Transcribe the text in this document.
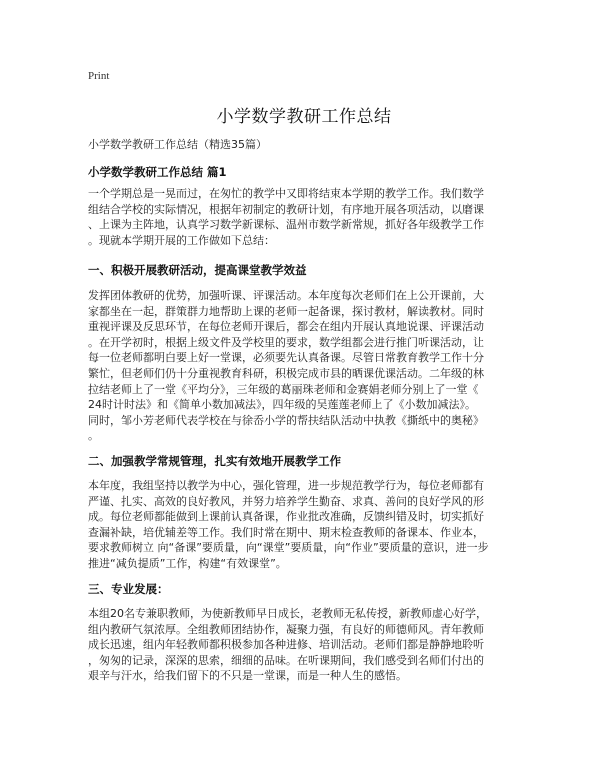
Print
小学数学教研工作总结
小学数学教研工作总结（精选35篇）
小学数学教研工作总结 篇1
一个学期总是一晃而过，在匆忙的教学中又即将结束本学期的教学工作。我们数学
组结合学校的实际情况，根据年初制定的教研计划，有序地开展各项活动，以磨课
、上课为主阵地，认真学习数学新课标、温州市数学新常规，抓好各年级教学工作
。现就本学期开展的工作做如下总结：
一、积极开展教研活动，提高课堂教学效益
发挥团体教研的优势，加强听课、评课活动。本年度每次老师们在上公开课前，大
家都坐在一起，群策群力地帮助上课的老师一起备课，探讨教材，解读教材。同时
重视评课及反思环节，在每位老师开课后，都会在组内开展认真地说课、评课活动
。在开学初时，根据上级文件及学校里的要求，数学组都会进行推门听课活动，让
每一位老师都明白要上好一堂课，必须要先认真备课。尽管日常教育教学工作十分
繁忙，但老师们仍十分重视教育科研，积极完成市县的晒课优课活动。二年级的林
拉结老师上了一堂《平均分》，三年级的葛丽珠老师和金赛娟老师分别上了一堂《
24时计时法》和《简单小数加减法》，四年级的吴莲莲老师上了《小数加减法》。
同时，邹小芳老师代表学校在与徐岙小学的帮扶结队活动中执教《撕纸中的奥秘》
。
二、加强教学常规管理，扎实有效地开展教学工作
本年度，我组坚持以教学为中心，强化管理，进一步规范教学行为，每位老师都有
严谨、扎实、高效的良好教风，并努力培养学生勤奋、求真、善问的良好学风的形
成。每位老师都能做到上课前认真备课，作业批改准确，反馈纠错及时，切实抓好
查漏补缺，培优辅差等工作。我们时常在期中、期末检查教师的备课本、作业本，
要求教师树立 向“备课”要质量，向“课堂”要质量，向“作业”要质量的意识，进一步
推进“减负提质”工作，构建“有效课堂”。
三、专业发展：
本组20名专兼职教师，为使新教师早日成长，老教师无私传授，新教师虚心好学，
组内教研气氛浓厚。全组教师团结协作，凝聚力强，有良好的师德师风。青年教师
成长迅速，组内年轻教师都积极参加各种进修、培训活动。老师们都是静静地聆听
，匆匆的记录，深深的思索，细细的品味。在听课期间，我们感受到名师们付出的
艰辛与汗水，给我们留下的不只是一堂课，而是一种人生的感悟。
